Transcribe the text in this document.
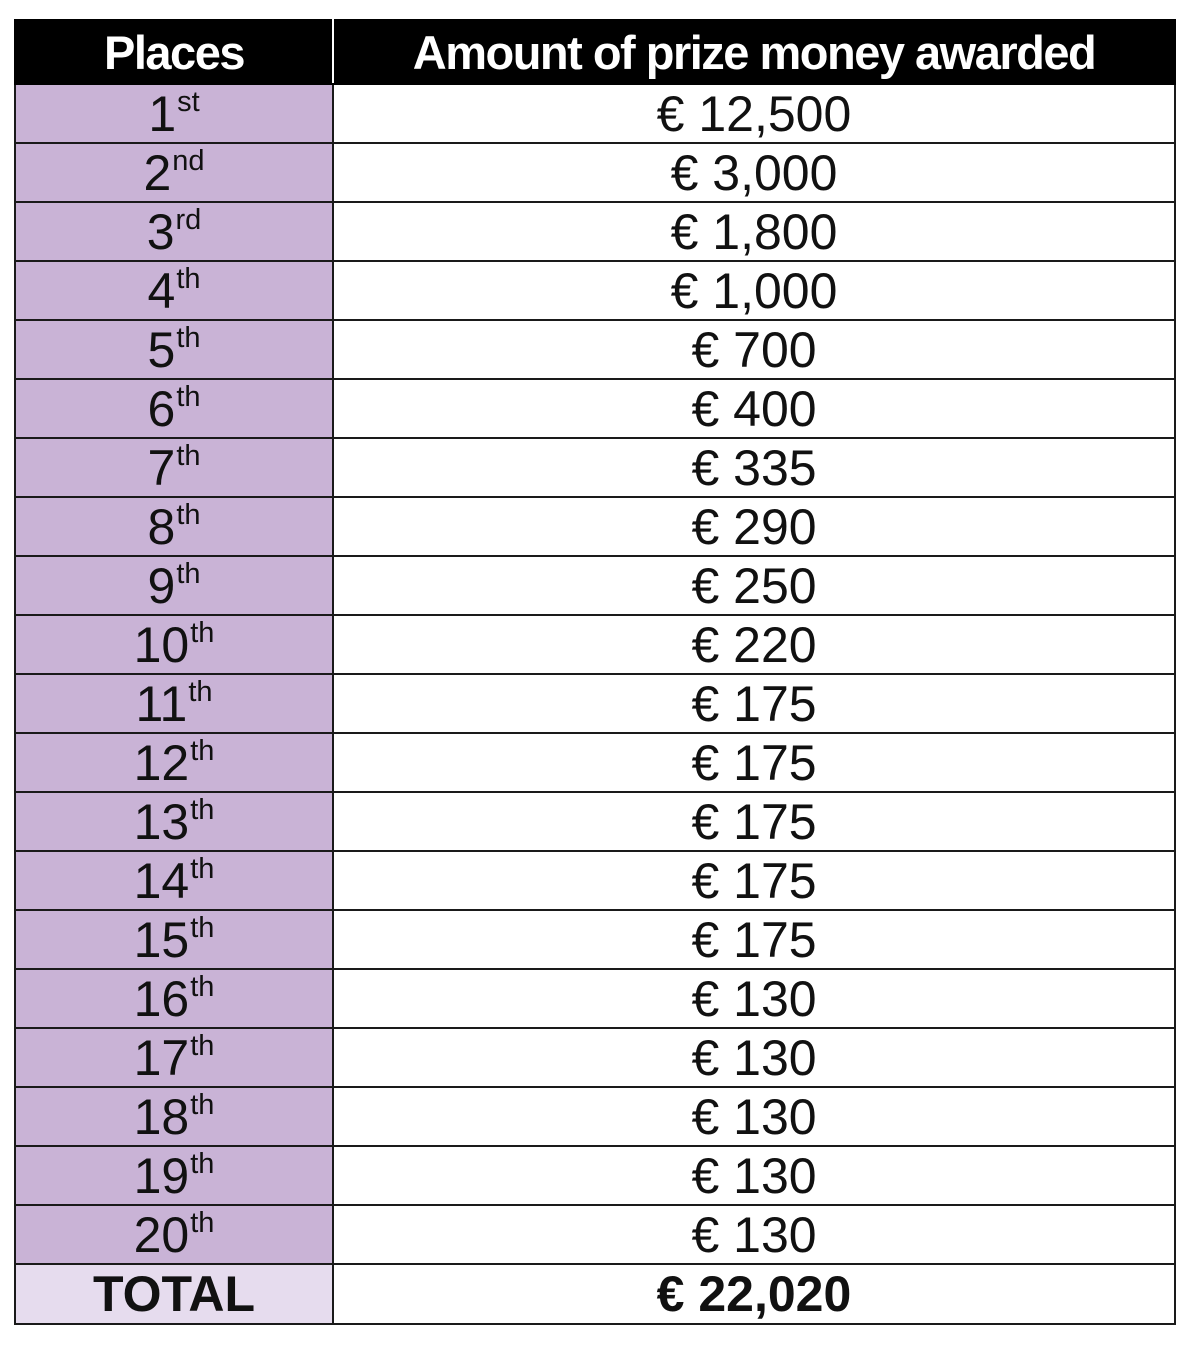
Places	Amount of prize money awarded
1st	€ 12,500
2nd	€ 3,000
3rd	€ 1,800
4th	€ 1,000
5th	€ 700
6th	€ 400
7th	€ 335
8th	€ 290
9th	€ 250
10th	€ 220
11th	€ 175
12th	€ 175
13th	€ 175
14th	€ 175
15th	€ 175
16th	€ 130
17th	€ 130
18th	€ 130
19th	€ 130
20th	€ 130
TOTAL	€ 22,020
